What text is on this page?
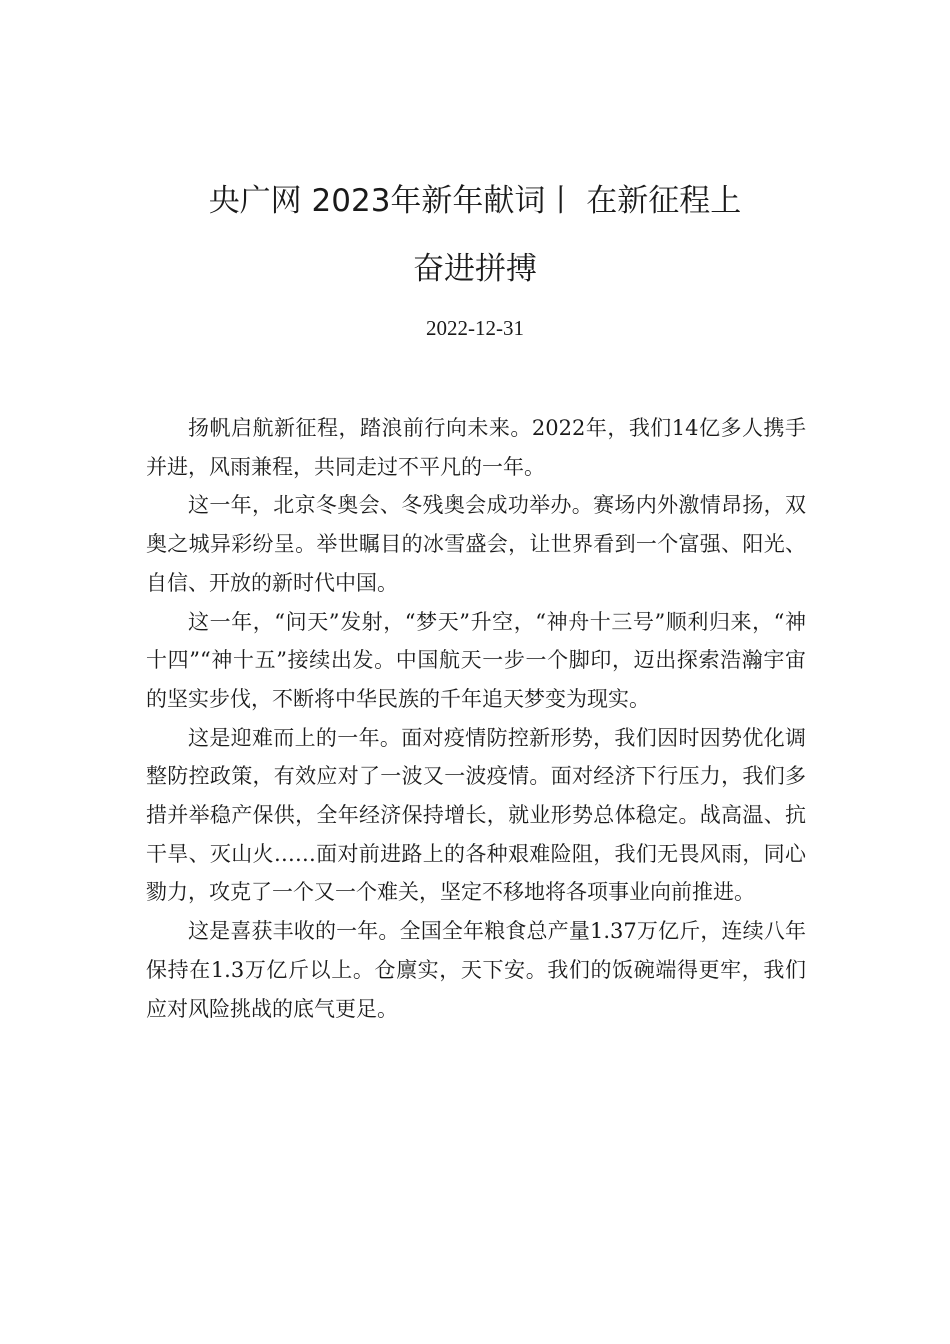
央广网 2023年新年献词丨 在新征程上
奋进拼搏
2022-12-31

扬帆启航新征程，踏浪前行向未来。2022年，我们14亿多人携手并进，风雨兼程，共同走过不平凡的一年。

这一年，北京冬奥会、冬残奥会成功举办。赛场内外激情昂扬，双奥之城异彩纷呈。举世瞩目的冰雪盛会，让世界看到一个富强、阳光、自信、开放的新时代中国。

这一年，“问天”发射，“梦天”升空，“神舟十三号”顺利归来，“神十四”“神十五”接续出发。中国航天一步一个脚印，迈出探索浩瀚宇宙的坚实步伐，不断将中华民族的千年追天梦变为现实。

这是迎难而上的一年。面对疫情防控新形势，我们因时因势优化调整防控政策，有效应对了一波又一波疫情。面对经济下行压力，我们多措并举稳产保供，全年经济保持增长，就业形势总体稳定。战高温、抗干旱、灭山火……面对前进路上的各种艰难险阻，我们无畏风雨，同心勠力，攻克了一个又一个难关，坚定不移地将各项事业向前推进。

这是喜获丰收的一年。全国全年粮食总产量1.37万亿斤，连续八年保持在1.3万亿斤以上。仓廪实，天下安。我们的饭碗端得更牢，我们应对风险挑战的底气更足。
